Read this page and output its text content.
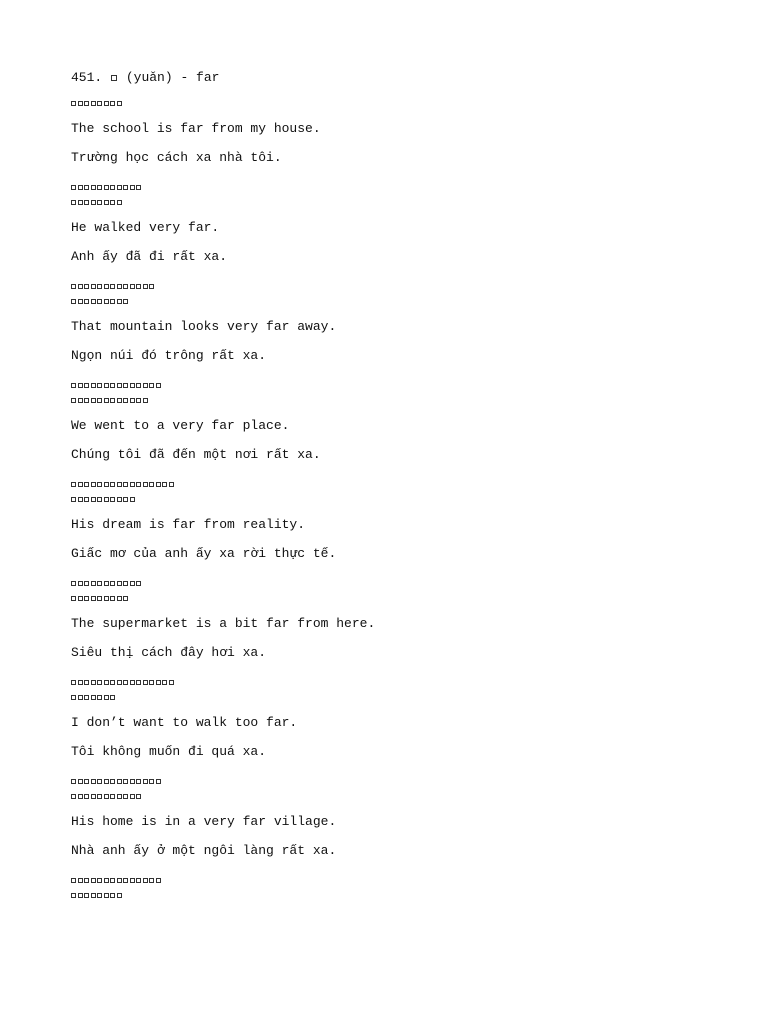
451. (yuǎn) - far
The school is far from my house.
Trường học cách xa nhà tôi.
He walked very far.
Anh ấy đã đi rất xa.
That mountain looks very far away.
Ngọn núi đó trông rất xa.
We went to a very far place.
Chúng tôi đã đến một nơi rất xa.
His dream is far from reality.
Giấc mơ của anh ấy xa rời thực tế.
The supermarket is a bit far from here.
Siêu thị cách đây hơi xa.
I don’t want to walk too far.
Tôi không muốn đi quá xa.
His home is in a very far village.
Nhà anh ấy ở một ngôi làng rất xa.
